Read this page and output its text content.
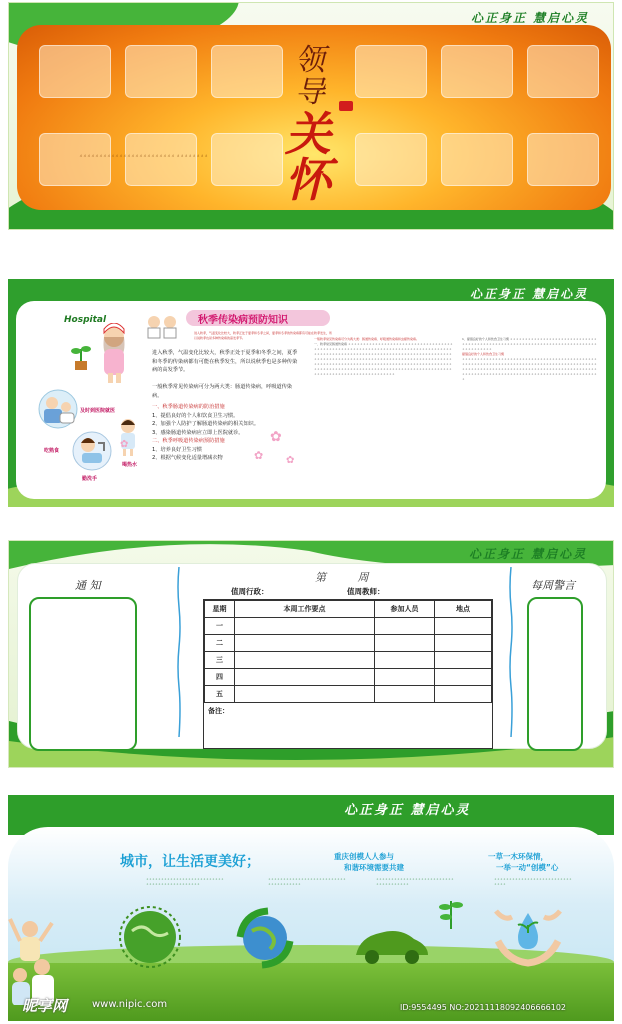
心正身正 慧启心灵
领导
关怀
ㄨㄨㄨㄨㄨㄨㄨㄨㄨㄨㄨㄨㄨㄨㄨㄨㄨㄨㄨㄨㄨㄨㄨㄨ ㄨㄨㄨㄨㄨㄨㄨㄨ
心正身正 慧启心灵
Hospital
及时到医院就医
吃熟食
勤洗手
喝热水
秋季传染病预防知识
进入秋季，气温变化比较大，秋季正处于夏季和冬季之间，夏季和冬季的传染病都有可能在秋季发生，所以说秋季也是多种传染病的高发季节。
进入秋季，气温变化比较大，秋季正处于夏季和冬季之间，夏季和冬季的传染病都有可能在秋季发生，所以说秋季也是多种传染病的高发季节。
一般秋季常见传染病可分为两大类：肠道传染病，呼吸道传染病。
一、秋季肠道传染病的防治措施
1、提倡良好的个人和饮食卫生习惯。
2、加强个人防护了解肠道传染病的相关知识。
3、感染肠道传染病应立即上医院就诊。
二、秋季呼吸道传染病预防措施
1、培养良好卫生习惯
2、根据气候变化适量增减衣物
✿
✿ ✿
✿
一般秋季常见传染病可分为两大类：肠道传染病、呼吸道传染病和虫媒传染病。
一、秋季常见肠道传染病 ㄨㄨㄨㄨㄨㄨㄨㄨㄨㄨㄨㄨㄨㄨㄨㄨㄨㄨㄨㄨㄨㄨㄨㄨㄨㄨㄨㄨㄨㄨㄨㄨㄨㄨㄨㄨㄨㄨㄨㄨㄨㄨㄨㄨㄨㄨㄨㄨㄨㄨㄨㄨㄨㄨㄨㄨㄨㄨㄨㄨㄨㄨㄨㄨㄨㄨㄨㄨㄨㄨㄨㄨㄨㄨㄨㄨㄨㄨㄨㄨㄨㄨㄨㄨㄨㄨㄨㄨㄨㄨㄨㄨㄨㄨㄨㄨㄨㄨㄨㄨㄨㄨㄨㄨㄨㄨㄨㄨㄨㄨㄨㄨㄨㄨㄨㄨㄨㄨㄨㄨㄨㄨㄨㄨㄨㄨㄨㄨㄨㄨㄨㄨㄨㄨㄨㄨㄨㄨㄨㄨㄨㄨㄨㄨㄨㄨㄨㄨㄨㄨㄨㄨㄨㄨㄨㄨㄨㄨㄨㄨㄨㄨㄨㄨㄨㄨㄨㄨㄨㄨㄨㄨㄨㄨㄨㄨㄨㄨㄨㄨㄨㄨㄨㄨㄨㄨㄨㄨㄨㄨㄨㄨㄨㄨㄨㄨㄨㄨㄨㄨㄨㄨㄨㄨㄨㄨㄨㄨㄨㄨㄨㄨㄨㄨㄨㄨㄨㄨㄨㄨㄨㄨㄨㄨㄨㄨㄨㄨㄨㄨㄨㄨㄨㄨㄨㄨㄨㄨㄨㄨㄨㄨㄨㄨㄨㄨㄨㄨㄨㄨㄨㄨㄨㄨㄨㄨㄨㄨㄨㄨㄨㄨㄨㄨㄨㄨㄨㄨㄨㄨㄨㄨㄨㄨㄨㄨㄨㄨㄨㄨㄨㄨㄨㄨㄨㄨㄨㄨㄨㄨㄨㄨ
1、提倡良好的个人和饮食卫生习惯 ㄨㄨㄨㄨㄨㄨㄨㄨㄨㄨㄨㄨㄨㄨㄨㄨㄨㄨㄨㄨㄨㄨㄨㄨㄨㄨㄨㄨㄨㄨㄨㄨㄨㄨㄨㄨㄨㄨㄨㄨㄨㄨㄨㄨㄨㄨㄨㄨㄨㄨㄨㄨㄨㄨㄨㄨㄨㄨㄨㄨㄨㄨㄨㄨㄨㄨㄨㄨㄨㄨㄨㄨㄨㄨㄨㄨㄨㄨㄨㄨㄨㄨㄨㄨ
提倡良好的个人和饮食卫生习惯
ㄨㄨㄨㄨㄨㄨㄨㄨㄨㄨㄨㄨㄨㄨㄨㄨㄨㄨㄨㄨㄨㄨㄨㄨㄨㄨㄨㄨㄨㄨㄨㄨㄨㄨㄨㄨㄨㄨㄨㄨㄨㄨㄨㄨㄨㄨㄨㄨㄨㄨㄨㄨㄨㄨㄨㄨㄨㄨㄨㄨㄨㄨㄨㄨㄨㄨㄨㄨㄨㄨㄨㄨㄨㄨㄨㄨㄨㄨㄨㄨㄨㄨㄨㄨㄨㄨㄨㄨㄨㄨㄨㄨㄨㄨㄨㄨㄨㄨㄨㄨㄨㄨㄨㄨㄨㄨㄨㄨㄨㄨㄨㄨㄨㄨㄨㄨㄨㄨㄨㄨㄨㄨㄨㄨㄨㄨㄨㄨㄨㄨㄨㄨㄨㄨㄨㄨㄨㄨㄨㄨㄨㄨㄨㄨㄨㄨㄨㄨㄨㄨㄨㄨㄨㄨㄨㄨㄨㄨㄨㄨㄨㄨㄨㄨㄨㄨㄨㄨㄨㄨㄨㄨㄨㄨㄨㄨㄨㄨㄨㄨㄨ
心正身正 慧启心灵
通 知	每周警言
第 周
值周行政：	值周教师：
星期	本周工作要点	参加人员	地点
一			
二			
三			
四			
五			
备注：
心正身正 慧启心灵
城市，让生活更美好；	重庆创模人人参与
和谐环境需要共建
一草一木环保情，
一举一动“创模”心
ㄨㄨㄨㄨㄨㄨㄨㄨㄨㄨㄨㄨㄨㄨㄨㄨㄨㄨㄨㄨㄨㄨㄨㄨㄨㄨㄨㄨㄨㄨㄨㄨㄨㄨㄨㄨㄨㄨㄨㄨㄨㄨㄨㄨ
ㄨㄨㄨㄨㄨㄨㄨㄨㄨㄨㄨㄨㄨㄨㄨㄨㄨㄨㄨㄨㄨㄨㄨㄨㄨㄨㄨㄨㄨㄨㄨㄨㄨㄨㄨㄨㄨ
ㄨㄨㄨㄨㄨㄨㄨㄨㄨㄨㄨㄨㄨㄨㄨㄨㄨㄨㄨㄨㄨㄨㄨㄨㄨㄨㄨㄨㄨㄨㄨㄨㄨㄨㄨㄨㄨ
ㄨㄨㄨㄨㄨㄨㄨㄨㄨㄨㄨㄨㄨㄨㄨㄨㄨㄨㄨㄨㄨㄨㄨㄨㄨㄨㄨㄨㄨㄨ
昵享网 www.nipic.com	ID:9554495 NO:20211118092406666102
